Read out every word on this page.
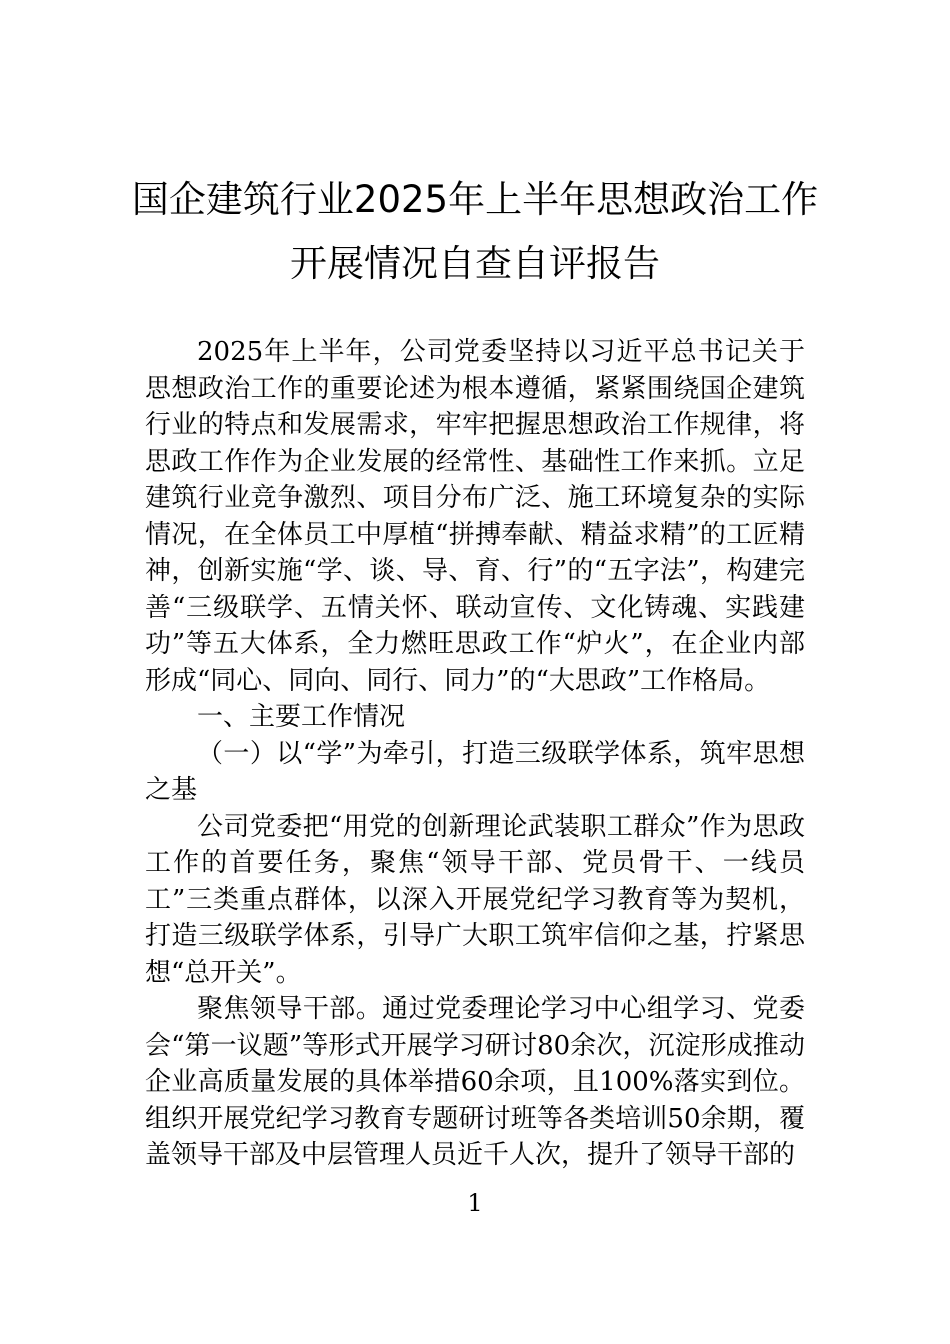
国企建筑行业2025年上半年思想政治工作
开展情况自查自评报告

2025年上半年，公司党委坚持以习近平总书记关于思想政治工作的重要论述为根本遵循，紧紧围绕国企建筑行业的特点和发展需求，牢牢把握思想政治工作规律，将思政工作作为企业发展的经常性、基础性工作来抓。立足建筑行业竞争激烈、项目分布广泛、施工环境复杂的实际情况，在全体员工中厚植“拼搏奉献、精益求精”的工匠精神，创新实施“学、谈、导、育、行”的“五字法”，构建完善“三级联学、五情关怀、联动宣传、文化铸魂、实践建功”等五大体系，全力燃旺思政工作“炉火”，在企业内部形成“同心、同向、同行、同力”的“大思政”工作格局。

一、主要工作情况

（一）以“学”为牵引，打造三级联学体系，筑牢思想之基

公司党委把“用党的创新理论武装职工群众”作为思政工作的首要任务，聚焦“领导干部、党员骨干、一线员工”三类重点群体，以深入开展党纪学习教育等为契机，打造三级联学体系，引导广大职工筑牢信仰之基，拧紧思想“总开关”。

聚焦领导干部。通过党委理论学习中心组学习、党委会“第一议题”等形式开展学习研讨80余次，沉淀形成推动企业高质量发展的具体举措60余项，且100%落实到位。组织开展党纪学习教育专题研讨班等各类培训50余期，覆盖领导干部及中层管理人员近千人次，提升了领导干部的

1
